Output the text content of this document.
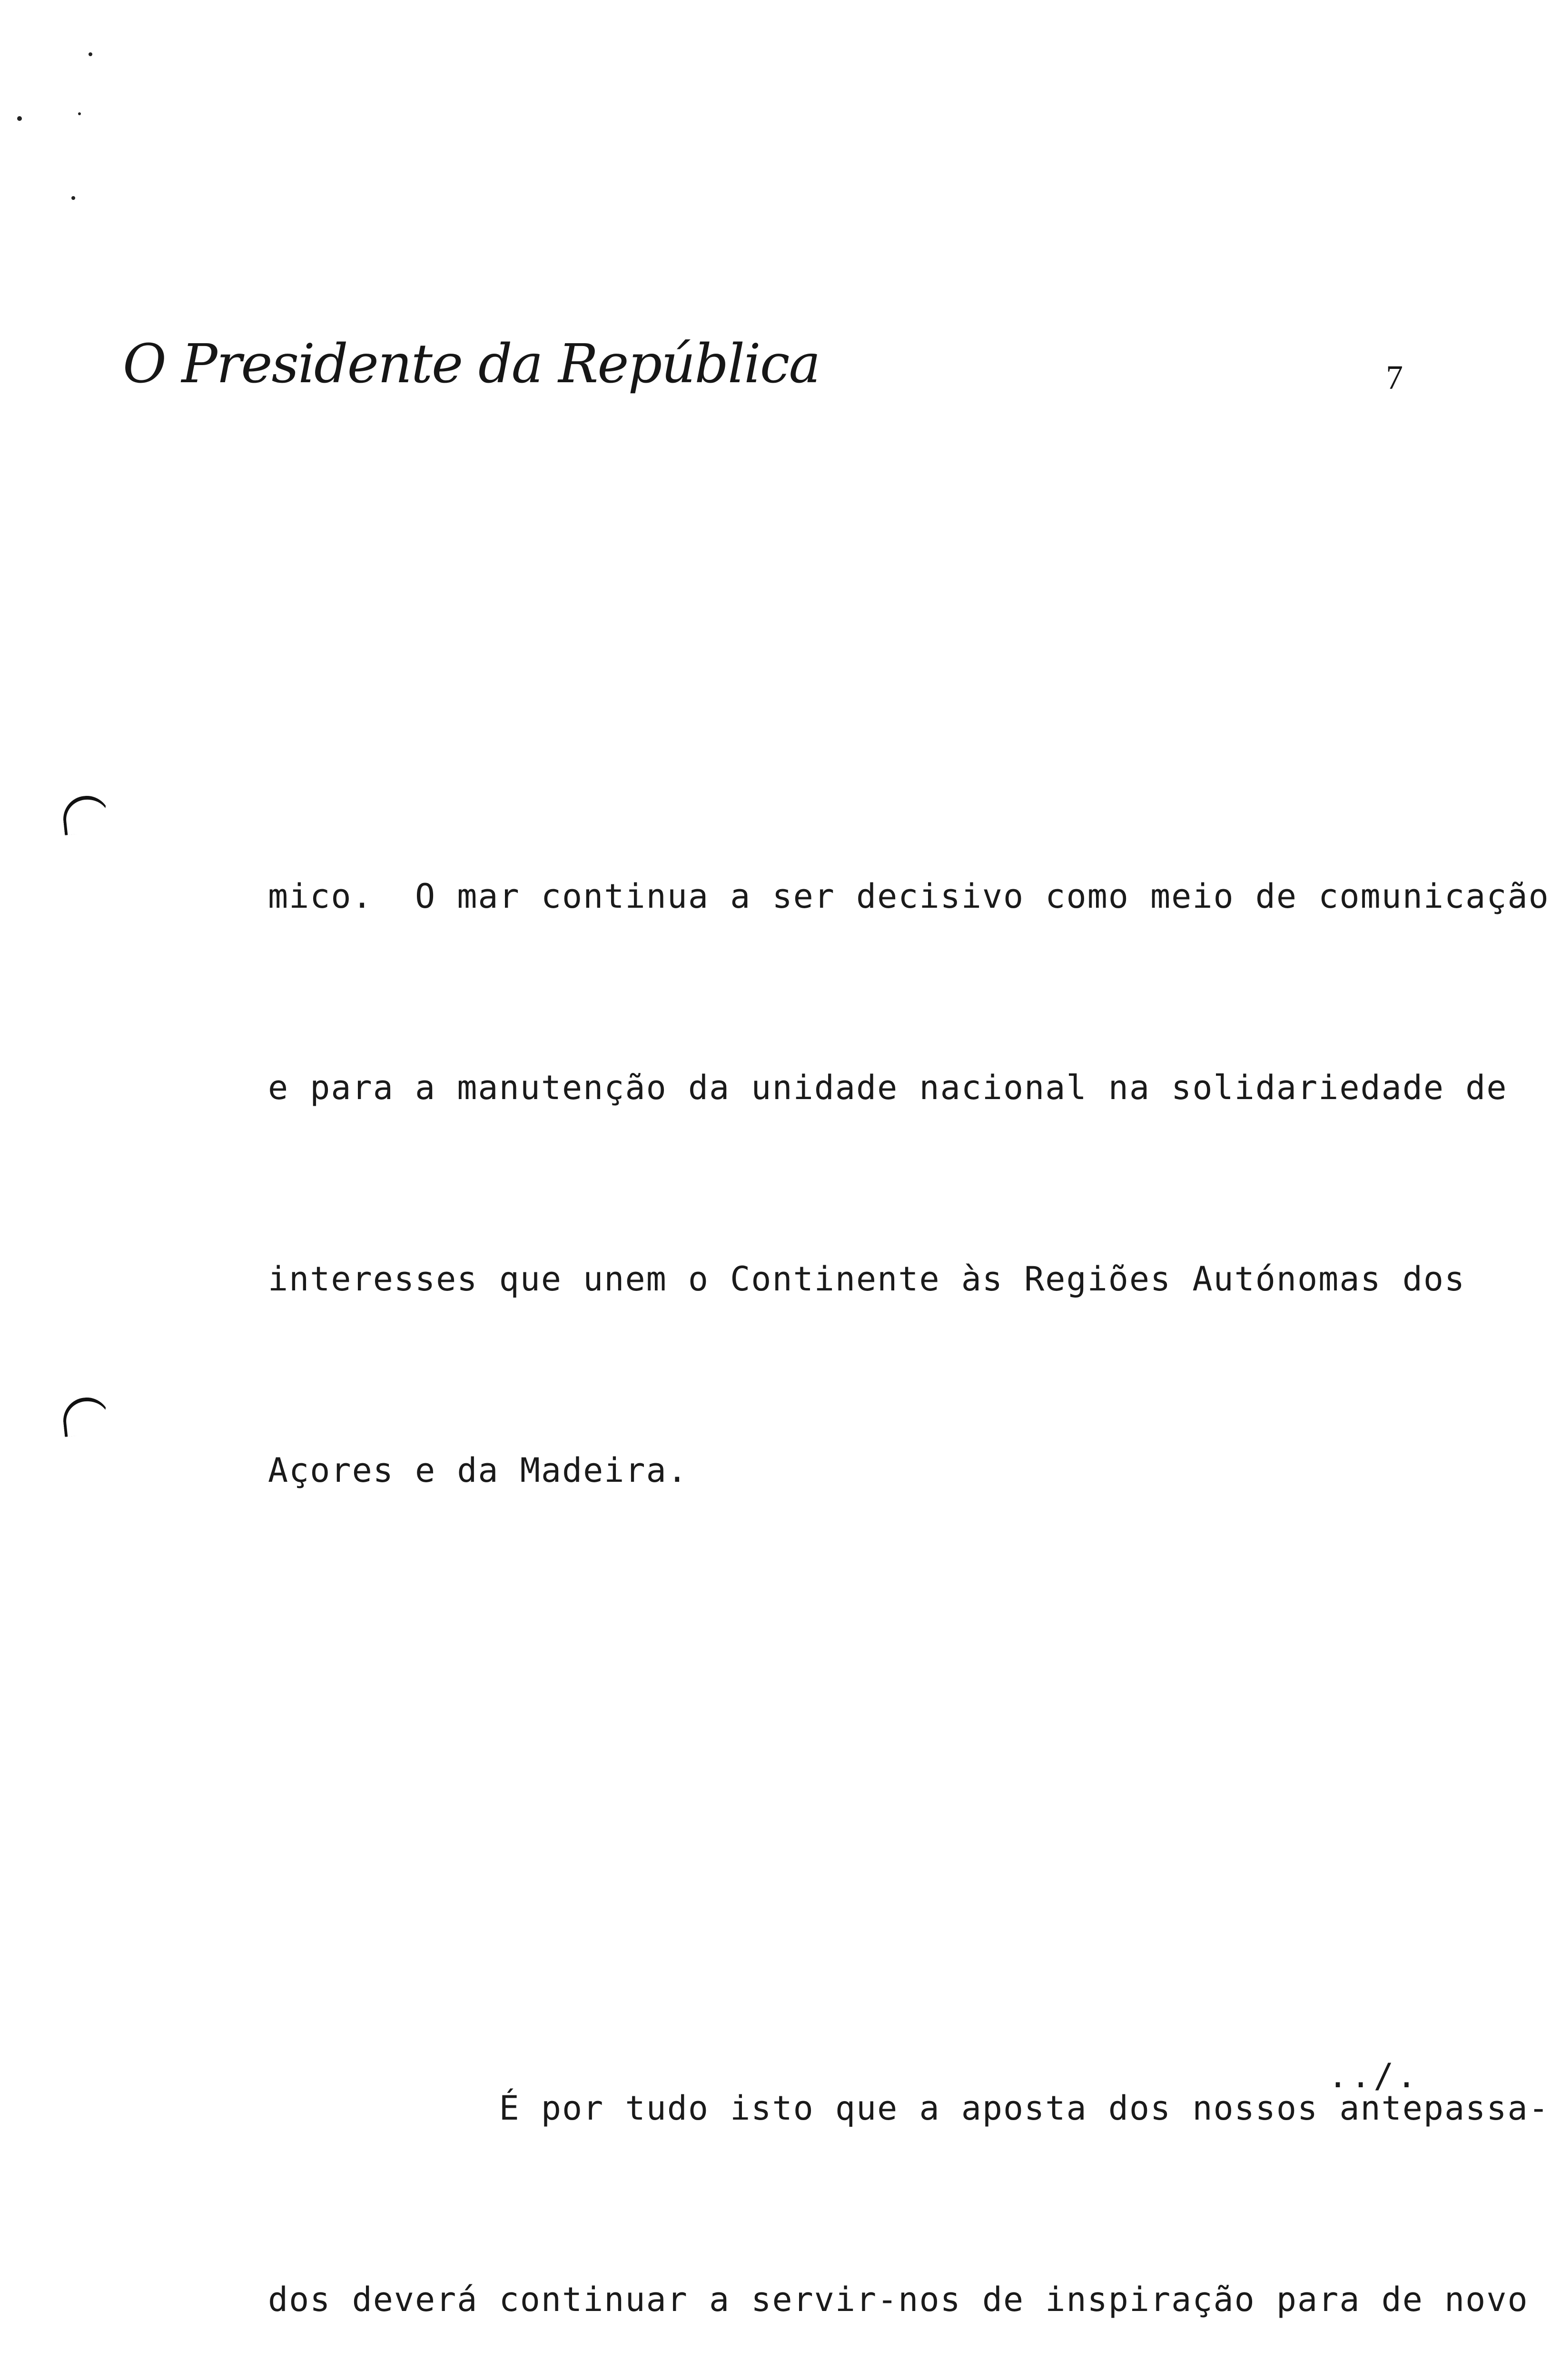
O Presidente da República	7

mico.  O mar continua a ser decisivo como meio de comunicação

e para a manutenção da unidade nacional na solidariedade de

interesses que unem o Continente às Regiões Autónomas dos

Açores e da Madeira.

É por tudo isto que a aposta dos nossos antepassa-

dos deverá continuar a servir-nos de inspiração para de novo

../.
